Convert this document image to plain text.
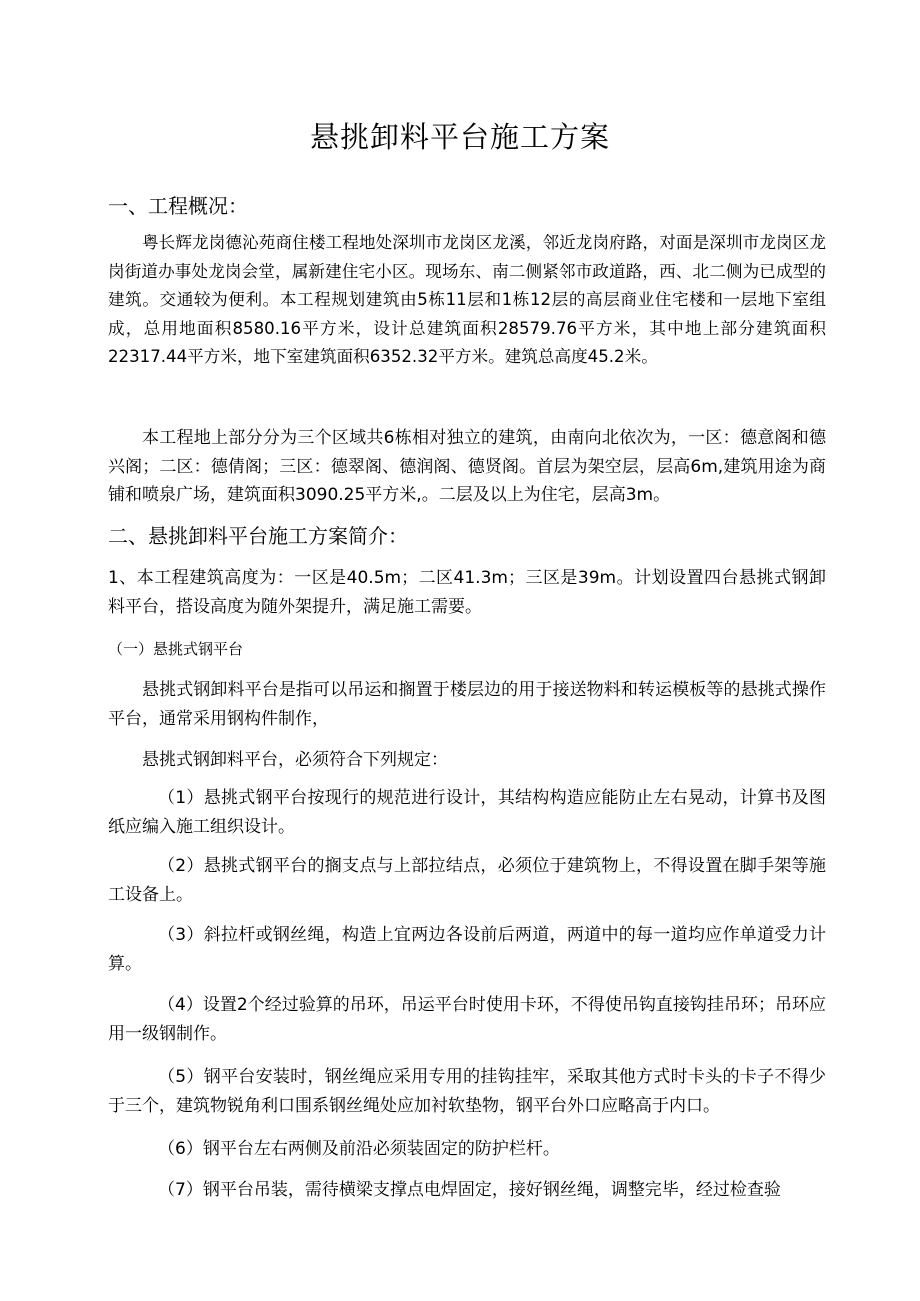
悬挑卸料平台施工方案
一、工程概况：
粤长辉龙岗德沁苑商住楼工程地处深圳市龙岗区龙溪，邻近龙岗府路，对面是深圳市龙岗区龙岗街道办事处龙岗会堂，属新建住宅小区。现场东、南二侧紧邻市政道路，西、北二侧为已成型的建筑。交通较为便利。本工程规划建筑由5栋11层和1栋12层的高层商业住宅楼和一层地下室组成，总用地面积8580.16平方米，设计总建筑面积28579.76平方米，其中地上部分建筑面积22317.44平方米，地下室建筑面积6352.32平方米。建筑总高度45.2米。
本工程地上部分分为三个区域共6栋相对独立的建筑，由南向北依次为，一区：德意阁和德兴阁；二区：德倩阁；三区：德翠阁、德润阁、德贤阁。首层为架空层，层高6m,建筑用途为商铺和喷泉广场，建筑面积3090.25平方米,。二层及以上为住宅，层高3m。
二、悬挑卸料平台施工方案简介：
1、本工程建筑高度为：一区是40.5m；二区41.3m；三区是39m。计划设置四台悬挑式钢卸料平台，搭设高度为随外架提升，满足施工需要。
（一）悬挑式钢平台
悬挑式钢卸料平台是指可以吊运和搁置于楼层边的用于接送物料和转运模板等的悬挑式操作平台，通常采用钢构件制作，
悬挑式钢卸料平台，必须符合下列规定：
（1）悬挑式钢平台按现行的规范进行设计，其结构构造应能防止左右晃动，计算书及图纸应编入施工组织设计。
（2）悬挑式钢平台的搁支点与上部拉结点，必须位于建筑物上，不得设置在脚手架等施工设备上。
（3）斜拉杆或钢丝绳，构造上宜两边各设前后两道，两道中的每一道均应作单道受力计算。
（4）设置2个经过验算的吊环，吊运平台时使用卡环，不得使吊钩直接钩挂吊环；吊环应用一级钢制作。
（5）钢平台安装时，钢丝绳应采用专用的挂钩挂牢，采取其他方式时卡头的卡子不得少于三个，建筑物锐角利口围系钢丝绳处应加衬软垫物，钢平台外口应略高于内口。
（6）钢平台左右两侧及前沿必须装固定的防护栏杆。
（7）钢平台吊装，需待横梁支撑点电焊固定，接好钢丝绳，调整完毕，经过检查验
